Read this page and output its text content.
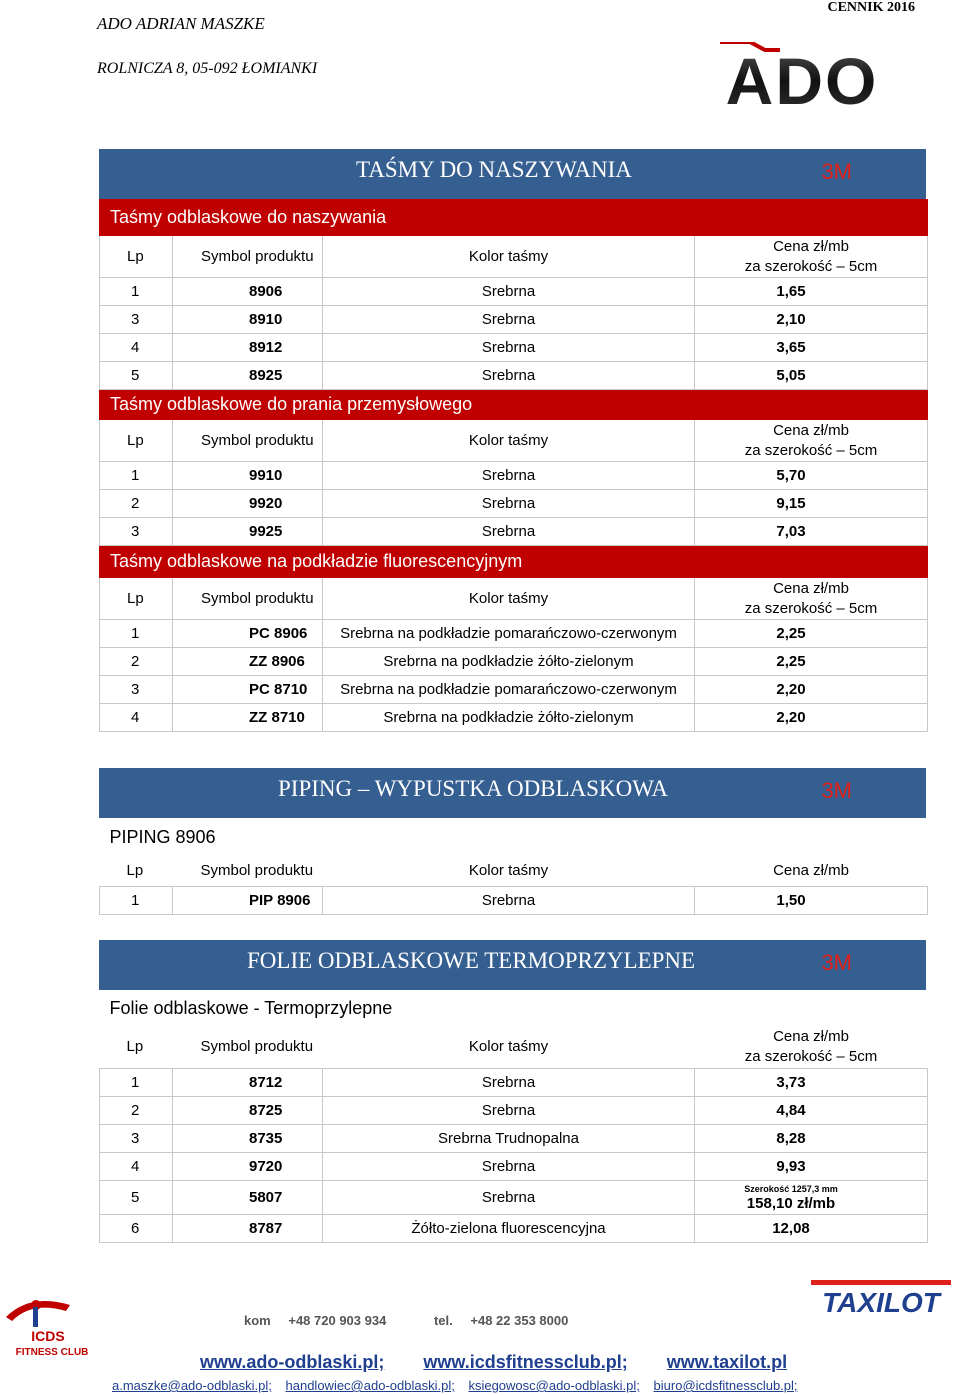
ADO ADRIAN MASZKE
ROLNICZA 8, 05-092 ŁOMIANKI
CENNIK 2016
ADO
TAŚMY DO NASZYWANIA	3M
Taśmy odblaskowe do naszywania			
Lp	Symbol produktu	Kolor taśmy	Cena zł/mb
za szerokość – 5cm

1	8906	Srebrna	1,65
3	8910	Srebrna	2,10
4	8912	Srebrna	3,65
5	8925	Srebrna	5,05
Taśmy odblaskowe do prania przemysłowego			
Lp	Symbol produktu	Kolor taśmy	Cena zł/mb
za szerokość – 5cm

1	9910	Srebrna	5,70
2	9920	Srebrna	9,15
3	9925	Srebrna	7,03
Taśmy odblaskowe na podkładzie fluorescencyjnym			
Lp	Symbol produktu	Kolor taśmy	Cena zł/mb
za szerokość – 5cm

1	PC 8906	Srebrna na podkładzie pomarańczowo-czerwonym	2,25
2	ZZ 8906	Srebrna na podkładzie żółto-zielonym	2,25
3	PC 8710	Srebrna na podkładzie pomarańczowo-czerwonym	2,20
4	ZZ 8710	Srebrna na podkładzie żółto-zielonym	2,20
PIPING – WYPUSTKA ODBLASKOWA	3M
PIPING 8906			
Lp	Symbol produktu	Kolor taśmy	Cena zł/mb
1	PIP 8906	Srebrna	1,50
FOLIE ODBLASKOWE TERMOPRZYLEPNE	3M
Folie odblaskowe - Termoprzylepne			
Lp	Symbol produktu	Kolor taśmy	Cena zł/mb
za szerokość – 5cm

1	8712	Srebrna	3,73
2	8725	Srebrna	4,84
3	8735	Srebrna Trudnopalna	8,28
4	9720	Srebrna	9,93
5	5807	Srebrna	Szerokość 1257,3 mm
158,10 zł/mb
6	8787	Żółto-zielona fluorescencyjna	12,08
ICDS
FITNESS CLUB
TAXILOT
kom +48 720 903 934	tel. +48 22 353 8000
www.ado-odblaski.pl; www.icdsfitnessclub.pl; www.taxilot.pl
a.maszke@ado-odblaski.pl; handlowiec@ado-odblaski.pl; ksiegowosc@ado-odblaski.pl; biuro@icdsfitnessclub.pl;
